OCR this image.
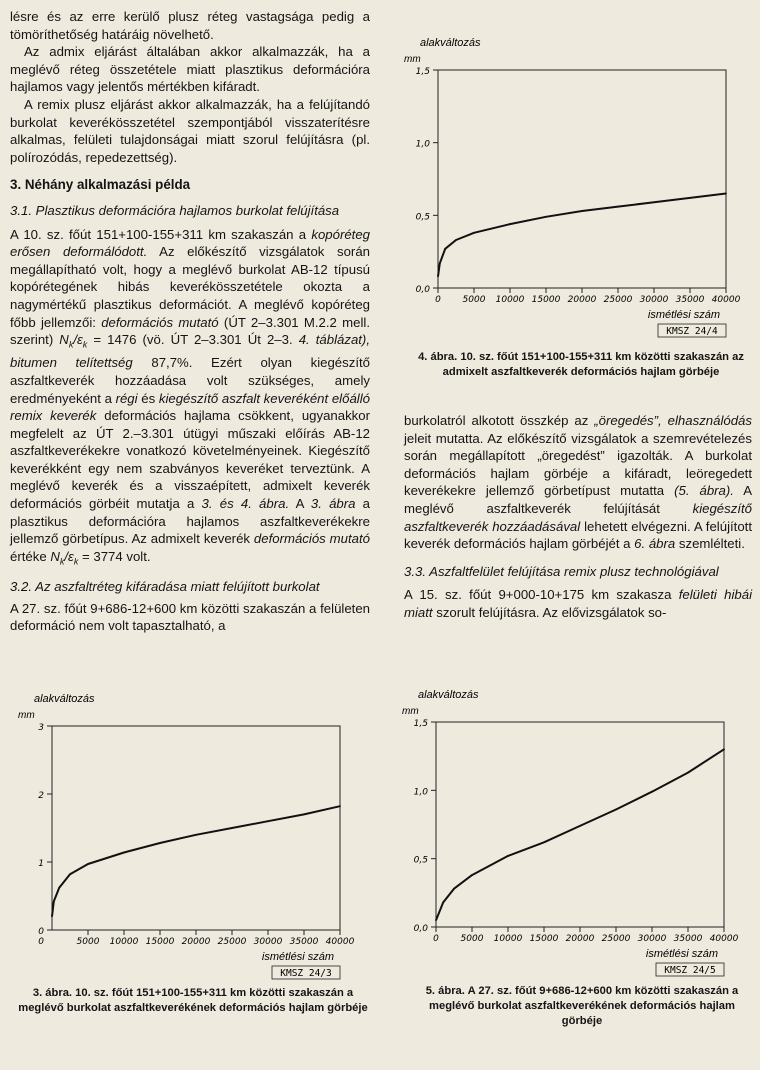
lésre és az erre kerülő plusz réteg vastagsága pedig a tömöríthetőség határáig növelhető.

Az admix eljárást általában akkor alkalmazzák, ha a meglévő réteg összetétele miatt plasztikus deformációra hajlamos vagy jelentős mértékben kifáradt.

A remix plusz eljárást akkor alkalmazzák, ha a felújítandó burkolat keverékösszetétel szempontjából visszaterítésre alkalmas, felületi tulajdonságai miatt szorul felújításra (pl. polírozódás, repedezettség).

3. Néhány alkalmazási példa

3.1. Plasztikus deformációra hajlamos burkolat felújítása

A 10. sz. főút 151+100-155+311 km szakaszán a kopóréteg erősen deformálódott. Az előkészítő vizsgálatok során megállapítható volt, hogy a meglévő burkolat AB-12 típusú kopórétegének hibás keverékösszetétele okozta a nagymértékű plasztikus deformációt. A meglévő kopóréteg főbb jellemzői: deformációs mutató (ÚT 2–3.301 M.2.2 mell. szerint) $N_k/\varepsilon_k = 1476$ (vö. ÚT 2–3.301 Út 2–3. 4. táblázat), bitumen telítettség 87,7%. Ezért olyan kiegészítő aszfaltkeverék hozzáadása volt szükséges, amely eredményeként a régi és kiegészítő aszfalt keveréként előálló remix keverék deformációs hajlama csökkent, ugyanakkor megfelelt az ÚT 2.–3.301 útügyi műszaki előírás AB-12 aszfaltkeverékekre vonatkozó követelményeinek. Kiegészítő keverékként egy nem szabványos keveréket terveztünk. A meglévő keverék és a visszaépített, admixelt keverék deformációs görbéit mutatja a 3. és 4. ábra. A 3. ábra a plasztikus deformációra hajlamos aszfaltkeverékekre jellemző görbetípus. Az admixelt keverék deformációs mutató értéke $N_k/\varepsilon_k = 3774$ volt.

3.2. Az aszfaltréteg kifáradása miatt felújított burkolat

A 27. sz. főút 9+686-12+600 km közötti szakaszán a felületen deformáció nem volt tapasztalható, a

burkolatról alkotott összkép az „öregedés”, elhasználódás jeleit mutatta. Az előkészítő vizsgálatok a szemrevételezés során megállapított „öregedést” igazolták. A burkolat deformációs hajlam görbéje a kifáradt, leöregedett keverékekre jellemző görbetípust mutatta (5. ábra). A meglévő aszfaltkeverék felújítását kiegészítő aszfaltkeverék hozzáadásával lehetett elvégezni. A felújított keverék deformációs hajlam görbéjét a 6. ábra szemlélteti.

3.3. Aszfaltfelület felújítása remix plusz technológiával

A 15. sz. főút 9+000-10+175 km szakasza felületi hibái miatt szorult felújításra. Az elővizsgálatok so-

alakváltozás
mm
3
2
1
0
5000 10000 15000 20000 25000 30000 35000 40000
0
ismétlési szám
KMSZ 24/3
3. ábra. 10. sz. főút 151+100-155+311 km közötti szakaszán a meglévő burkolat aszfaltkeverékének deformációs hajlam görbéje
alakváltozás
mm
1,5
1,0
0,5
0,0
0 5000 10000 15000 20000 25000 30000 35000 40000
ismétlési szám
KMSZ 24/4
4. ábra. 10. sz. főút 151+100-155+311 km közötti szakaszán az admixelt aszfaltkeverék deformációs hajlam görbéje
alakváltozás
mm
1,5
1,0
0,5
0,0
0 5000 10000 15000 20000 25000 30000 35000 40000
ismétlési szám
KMSZ 24/5
5. ábra. A 27. sz. főút 9+686-12+600 km közötti szakaszán a meglévő burkolat aszfaltkeverékének deformációs hajlam görbéje
